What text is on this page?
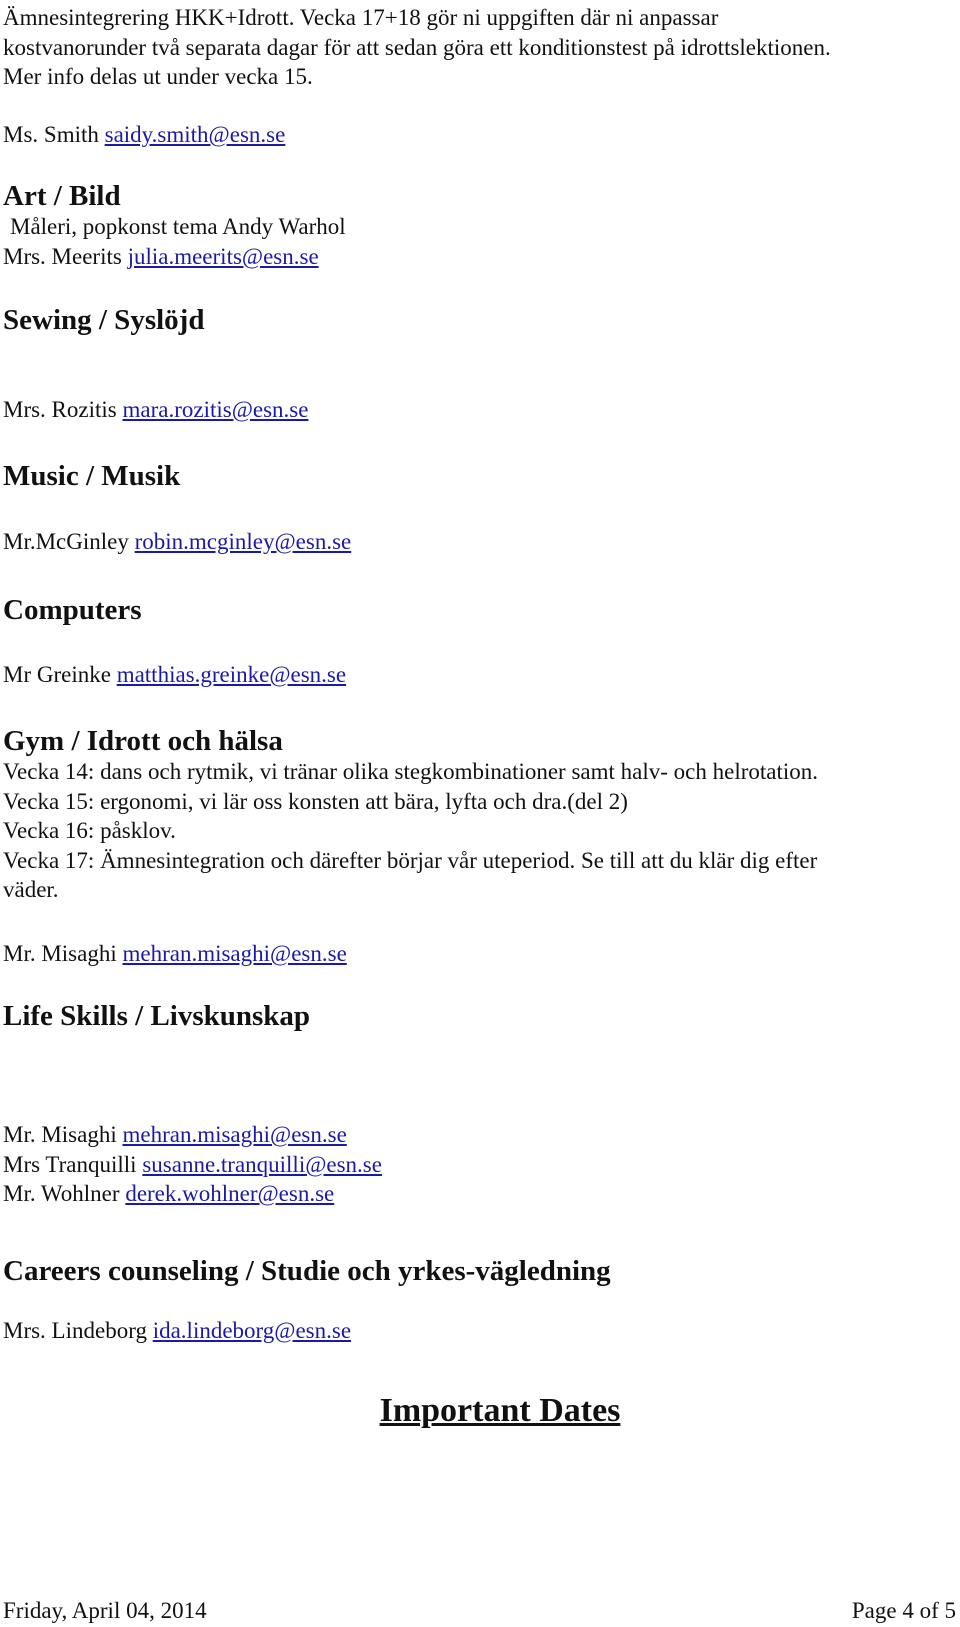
Ämnesintegrering HKK+Idrott. Vecka 17+18 gör ni uppgiften där ni anpassar
kostvanorunder två separata dagar för att sedan göra ett konditionstest på idrottslektionen.
Mer info delas ut under vecka 15.
Ms. Smith saidy.smith@esn.se
Art / Bild
Måleri, popkonst tema Andy Warhol
Mrs. Meerits julia.meerits@esn.se
Sewing / Syslöjd
Mrs. Rozitis mara.rozitis@esn.se
Music / Musik
Mr.McGinley robin.mcginley@esn.se
Computers
Mr Greinke matthias.greinke@esn.se
Gym / Idrott och hälsa
Vecka 14: dans och rytmik, vi tränar olika stegkombinationer samt halv- och helrotation.
Vecka 15: ergonomi, vi lär oss konsten att bära, lyfta och dra.(del 2)
Vecka 16: påsklov.
Vecka 17: Ämnesintegration och därefter börjar vår uteperiod. Se till att du klär dig efter
väder.
Mr. Misaghi mehran.misaghi@esn.se
Life Skills / Livskunskap
Mr. Misaghi mehran.misaghi@esn.se
Mrs Tranquilli susanne.tranquilli@esn.se
Mr. Wohlner derek.wohlner@esn.se
Careers counseling / Studie och yrkes-vägledning
Mrs. Lindeborg ida.lindeborg@esn.se
Important Dates
Friday, April 04, 2014	Page 4 of 5
